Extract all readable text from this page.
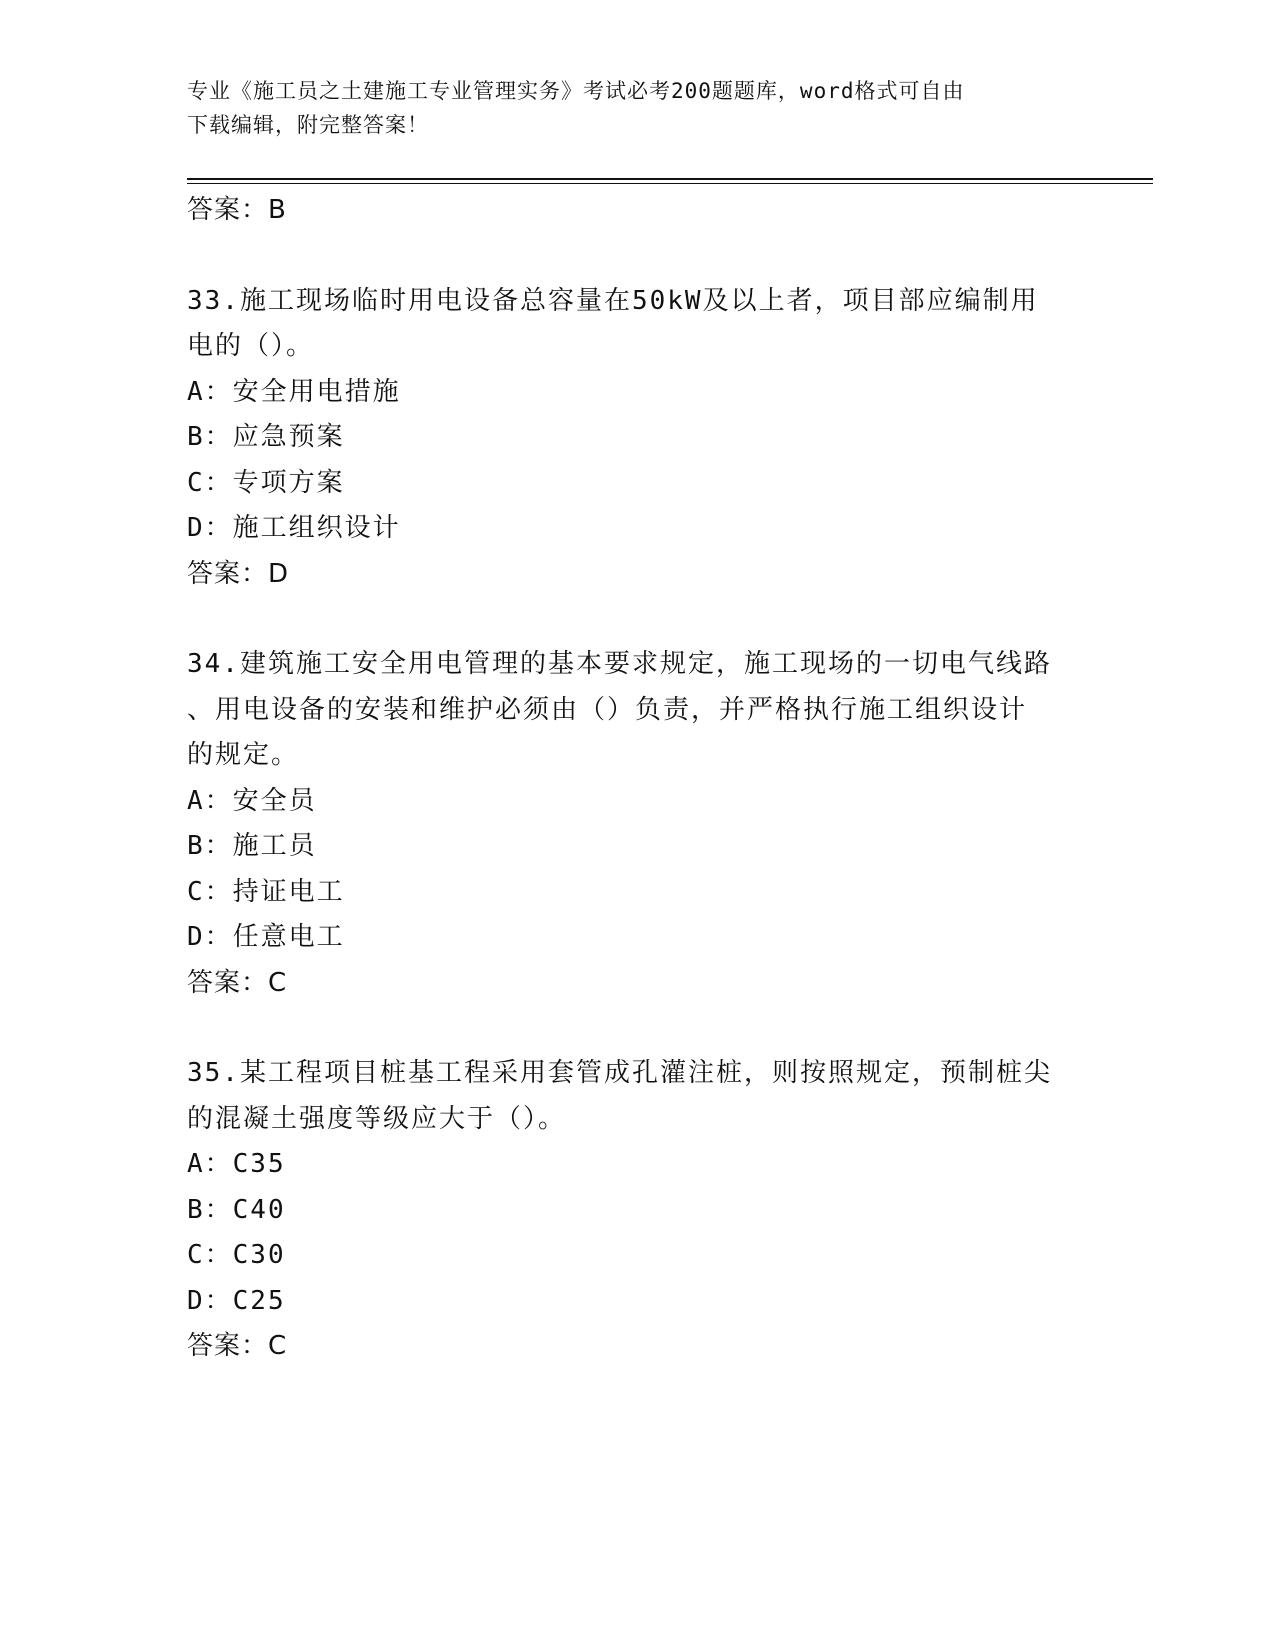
专业《施工员之土建施工专业管理实务》考试必考200题题库，word格式可自由
下载编辑，附完整答案！
答案：B
33.施工现场临时用电设备总容量在50kW及以上者，项目部应编制用
电的（）。
A：安全用电措施
B：应急预案
C：专项方案
D：施工组织设计
答案：D
34.建筑施工安全用电管理的基本要求规定，施工现场的一切电气线路
、用电设备的安装和维护必须由（）负责，并严格执行施工组织设计
的规定。
A：安全员
B：施工员
C：持证电工
D：任意电工
答案：C
35.某工程项目桩基工程采用套管成孔灌注桩，则按照规定，预制桩尖
的混凝土强度等级应大于（）。
A：C35
B：C40
C：C30
D：C25
答案：C
